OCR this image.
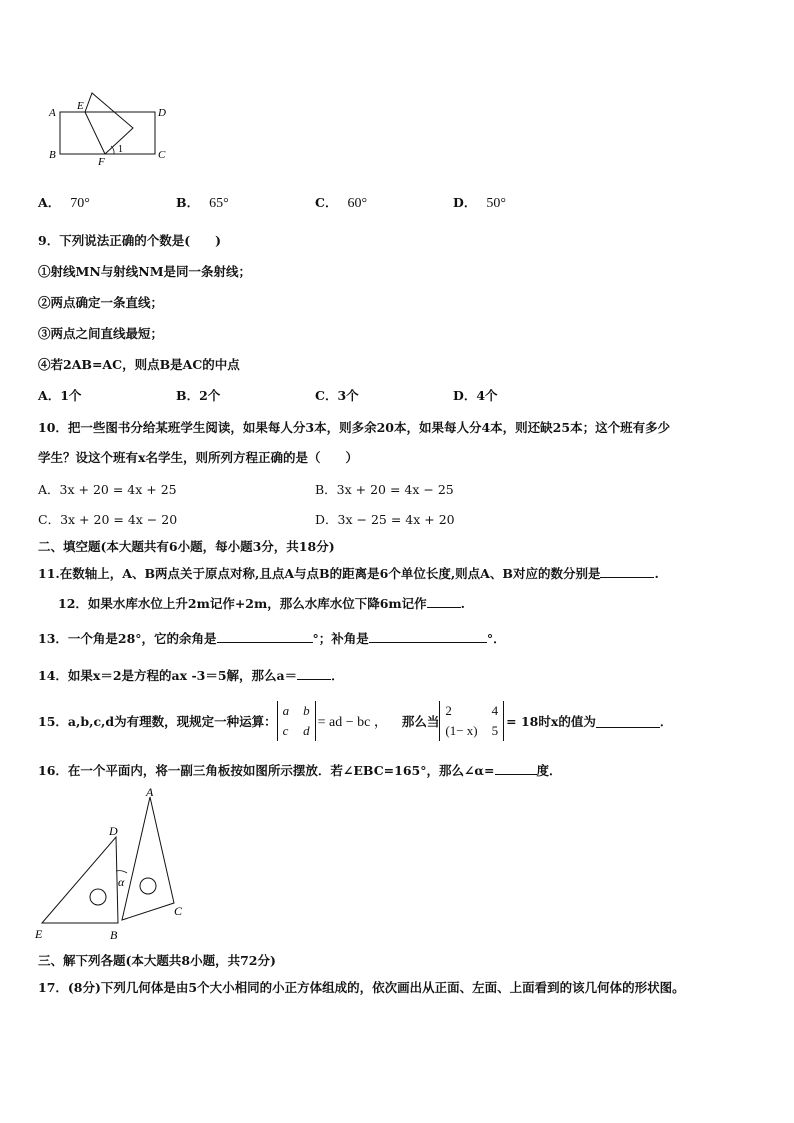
A
E
D
B
F
1	C
A． 70°	B． 65°	C． 60°	D． 50°
9．下列说法正确的个数是(　　)
①射线MN与射线NM是同一条射线；
②两点确定一条直线；
③两点之间直线最短；
④若2AB=AC，则点B是AC的中点
A．1个	B．2个	C．3个	D．4个
10．把一些图书分给某班学生阅读，如果每人分3本，则多余20本，如果每人分4本，则还缺25本；这个班有多少
学生？设这个班有x名学生，则所列方程正确的是（　　）
A．3x + 20 = 4x + 25	B．3x + 20 = 4x − 25
C．3x + 20 = 4x − 20	D．3x − 25 = 4x + 20
二、填空题(本大题共有6小题，每小题3分，共18分)
11.在数轴上，A、B两点关于原点对称,且点A与点B的距离是6个单位长度,则点A、B对应的数分别是	.
12．如果水库水位上升2m记作+2m，那么水库水位下降6m记作	.
13．一个角是28°，它的余角是	°；补角是	°．
14．如果x＝2是方程的ax -3＝5解，那么a＝	．
15．a,b,c,d为有理数，现规定一种运算：
a b
c d
= ad − bc ， 那么当
2	4
(1− x) 5
= 18时x的值为	．
16．在一个平面内，将一副三角板按如图所示摆放．若∠EBC=165°，那么∠α=	度．
A
D
α
C
E	B
三、解下列各题(本大题共8小题，共72分)
17．(8分)下列几何体是由5个大小相同的小正方体组成的，依次画出从正面、左面、上面看到的该几何体的形状图。
